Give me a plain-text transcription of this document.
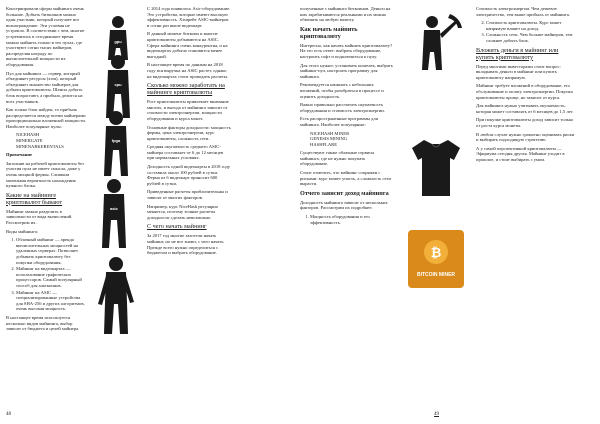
Консервировали сферы майнинга очень большие. Добыть биткоинов можно один участник, который получает все вознаграждение. Эти условия не устроило. В соответствии с чем, многие устремились в сегодняшнее время можно майнить только в тех пулах, где участвуют сотни тысяч майнеров, распределяя награду по вычислительной мощности их оборудования.

Пул для майнинга — сервер, который объединяет ресурсы (хэш), который объединяет множество майнеров для добычи криптовалюты. Шансы добыть блок возрастают, а прибыль делится на всех участников.

Как только блок найден, то прибыль распределяется между всеми майнерами пропорционально вложенной мощности. Наиболее популярные пулы:

NICEHASH

MINERGATE

MINENARKERENTALS

Примечание

Заполнив на рабочей криптовалюты без участия пула не имеет смысла, даже у очень мощной фермы. Слишком маленькая вероятность нахождения нужного блока.

Какие на майнинге криптовалют бывают

Майнинг можно разделить в зависимости от вида вычислений. Рассмотрим их.

Виды майнинга:

1. Облачный майнинг — аренда вычислительных мощностей на удаленных серверах. Позволяет добывать криптовалюту без покупки оборудования.
2. Майнинг на видеокартах — использование графических процессоров. Самый популярный способ для альткоинов.
3. Майнинг на ASIC — специализированные устройства для SHA-256 и других алгоритмов, очень высокая мощность.

В настоящее время используется несколько видов майнинга, выбор зависит от бюджета и целей майнера.

gpu
cpu
fpga
asic

С 2014 года появилось Asic-оборудование. Это устройства, которые имеют высокую эффективность. Хэшрейт ASIC-майнеров в сотни раз выше видеокарт.

В данный момент биткоин и многие криптовалюты добываются на ASIC. Сфера майнинга очень конкурентна, и на видеокартах добыча становится менее выгодной.

В настоящее время по данным на 2018 году вся выручка на ASIC растет, однако на видеокартах стоит проводить расчеты.

Сколько можно заработать на майнинге криптовалюты

Рост криптовалюты привлекает внимание многих, и выгода от майнинга зависит от стоимости электроэнергии, мощности оборудования и курса монет.

Основные факторы доходности: мощность фермы, цена электроэнергии, курс криптовалюты, сложность сети.

Средняя окупаемость среднего ASIC-майнера составляет от 6 до 12 месяцев при нормальных условиях.

Доходность одной видеокарты в 2018 году составила около 100 рублей в сутки. Ферма из 6 видеокарт приносит 600 рублей в сутки.

Приведенные расчеты приблизительны и зависят от многих факторов.

Например, курс NiceHash регулярно меняется, поэтому точные расчеты доходности сделать невозможно.

С чего начать майнинг

За 2017 год многие захотели начать майнинг, но не все знают, с чего начать. Прежде всего нужно определиться с бюджетом и выбрать оборудование.

48

полученные с майнинга биткоинов. Деньги на них зарабатываются реальными и их можно обменять на любую валюту.

Как начать майнить криптовалюту

Интересно, как начать майнить криптовалюту? На это есть ответ: выбрать оборудование, настроить софт и подключиться к пулу.

Для этого нужно: установить кошелек, выбрать майнинг-пул, настроить программу для майнинга.

Рекомендуется начинать с небольших вложений, чтобы разобраться в процессе и оценить доходность.

Важно правильно рассчитать окупаемость оборудования и стоимость электроэнергии.

Есть распространенные программы для майнинга. Наиболее популярные:

NICEHASH MINER

GENESIS MINING

HASHFLARE

Существуют также облачные сервисы майнинга, где не нужно покупать оборудование.

Стоит отметить, что майнинг сопряжен с рисками: курс может упасть, а сложность сети вырасти.

Отчего зависит доход майнинга

Доходность майнинга зависит от нескольких факторов. Рассмотрим их подробнее.

1. Мощность оборудования и его эффективность.
₿
BITCOIN MINER

Стоимость электроэнергии. Чем дешевле электричество, тем выше прибыль от майнинга.

2. Стоимость криптовалюты. Курс монет напрямую влияет на доход.
3. Сложность сети. Чем больше майнеров, тем сложнее добыть блок.
Вложить деньги в майнинг или купить криптовалюту

Перед многими инвесторами стоит вопрос: вкладывать деньги в майнинг или купить криптовалюту напрямую.

Майнинг требует вложений в оборудование, его обслуживание и оплату электроэнергии. Покупка криптовалюты проще, но зависит от курса.

Для майнинга нужно учитывать окупаемость, которая может составлять от 6 месяцев до 1,5 лет.

При покупке криптовалюты доход зависит только от роста курса монеты.

В любом случае нужно грамотно оценивать риски и выбирать подходящую стратегию.

А у самой перспективной криптовалюты — Эфириума сегодня другая. Майнинг уходит в прошлое, и стоит выбирать с умом.

49
